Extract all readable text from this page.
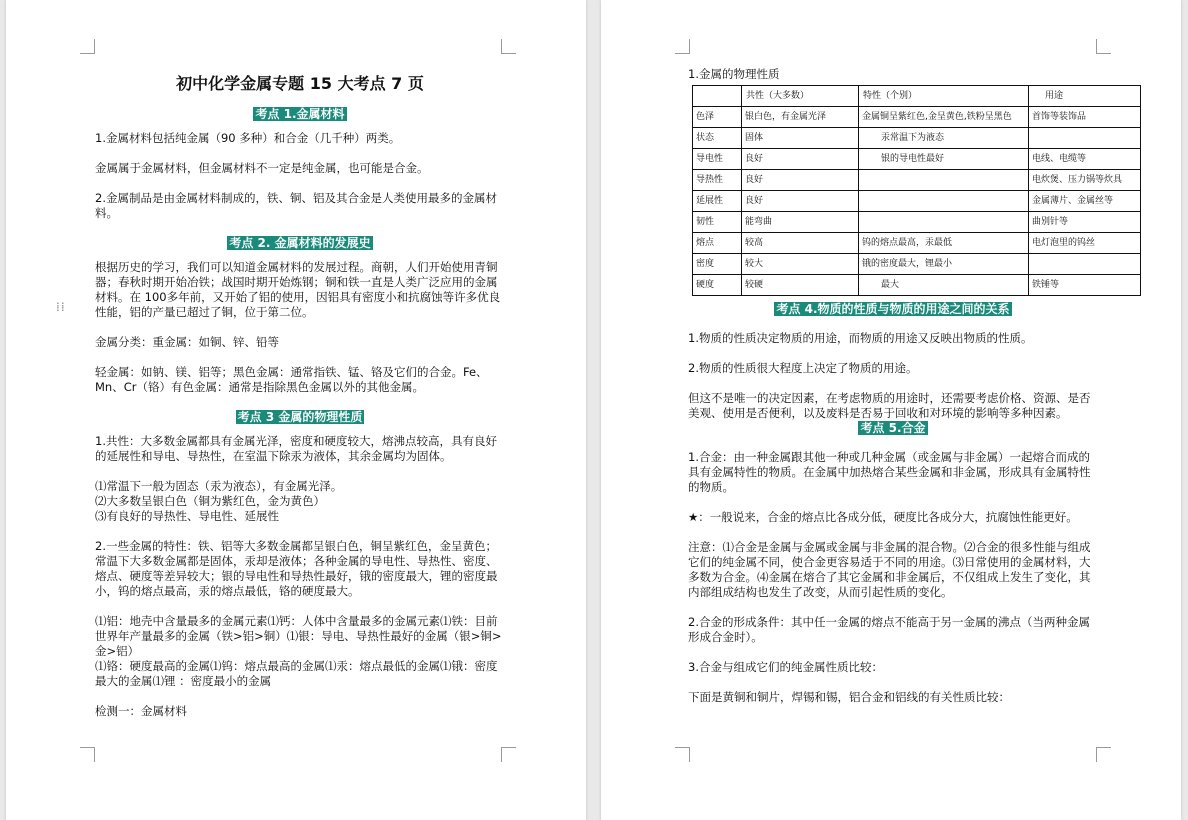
初中化学金属专题 15 大考点 7 页
考点 1.金属材料

1.金属材料包括纯金属（90 多种）和合金（几千种）两类。

金属属于金属材料，但金属材料不一定是纯金属，也可能是合金。

2.金属制品是由金属材料制成的，铁、铜、铝及其合金是人类使用最多的金属材料。

考点 2. 金属材料的发展史

根据历史的学习，我们可以知道金属材料的发展过程。商朝，人们开始使用青铜器；春秋时期开始冶铁；战国时期开始炼钢；铜和铁一直是人类广泛应用的金属材料。在 100多年前，又开始了铝的使用，因铝具有密度小和抗腐蚀等许多优良性能，铝的产量已超过了铜，位于第二位。

金属分类：重金属：如铜、锌、铅等

轻金属：如钠、镁、铝等；黑色金属：通常指铁、锰、铬及它们的合金。Fe、Mn、Cr（铬）有色金属：通常是指除黑色金属以外的其他金属。

考点 3 金属的物理性质

1.共性：大多数金属都具有金属光泽，密度和硬度较大，熔沸点较高，具有良好的延展性和导电、导热性，在室温下除汞为液体，其余金属均为固体。

⑴常温下一般为固态（汞为液态），有金属光泽。

⑵大多数呈银白色（铜为紫红色，金为黄色）

⑶有良好的导热性、导电性、延展性

2.一些金属的特性：铁、铝等大多数金属都呈银白色，铜呈紫红色，金呈黄色；常温下大多数金属都是固体，汞却是液体；各种金属的导电性、导热性、密度、熔点、硬度等差异较大；银的导电性和导热性最好，锇的密度最大，锂的密度最小，钨的熔点最高，汞的熔点最低，铬的硬度最大。

⑴铝：地壳中含量最多的金属元素⑴钙：人体中含量最多的金属元素⑴铁：目前世界年产量最多的金属（铁>铝>铜）⑴银：导电、导热性最好的金属（银>铜>金>铝）

⑴铬：硬度最高的金属⑴钨：熔点最高的金属⑴汞：熔点最低的金属⑴锇：密度最大的金属⑴锂 ：密度最小的金属

检测一：金属材料

⁞⁞

1.金属的物理性质

	共性（大多数）	特性（个别）	用途
色泽	银白色，有金属光泽	金属铜呈紫红色,金呈黄色,铁粉呈黑色	首饰等装饰品
状态	固体	汞常温下为液态	
导电性	良好	银的导电性最好	电线、电缆等
导热性	良好		电炊煲、压力锅等炊具
延展性	良好		金属薄片、金属丝等
韧性	能弯曲		曲别针等
熔点	较高	钨的熔点最高，汞最低	电灯泡里的钨丝
密度	较大	锇的密度最大，锂最小	
硬度	较硬	最大	铁锤等
考点 4.物质的性质与物质的用途之间的关系

1.物质的性质决定物质的用途，而物质的用途又反映出物质的性质。

2.物质的性质很大程度上决定了物质的用途。

但这不是唯一的决定因素，在考虑物质的用途时，还需要考虑价格、资源、是否美观、使用是否便利，以及废料是否易于回收和对环境的影响等多种因素。

考点 5.合金

1.合金：由一种金属跟其他一种或几种金属（或金属与非金属）一起熔合而成的具有金属特性的物质。在金属中加热熔合某些金属和非金属，形成具有金属特性的物质。

★：一般说来，合金的熔点比各成分低，硬度比各成分大，抗腐蚀性能更好。

注意：⑴合金是金属与金属或金属与非金属的混合物。⑵合金的很多性能与组成它们的纯金属不同，使合金更容易适于不同的用途。⑶日常使用的金属材料，大多数为合金。⑷金属在熔合了其它金属和非金属后，不仅组成上发生了变化，其内部组成结构也发生了改变，从而引起性质的变化。

2.合金的形成条件：其中任一金属的熔点不能高于另一金属的沸点（当两种金属形成合金时）。

3.合金与组成它们的纯金属性质比较：

下面是黄铜和铜片，焊锡和锡，铝合金和铝线的有关性质比较：
